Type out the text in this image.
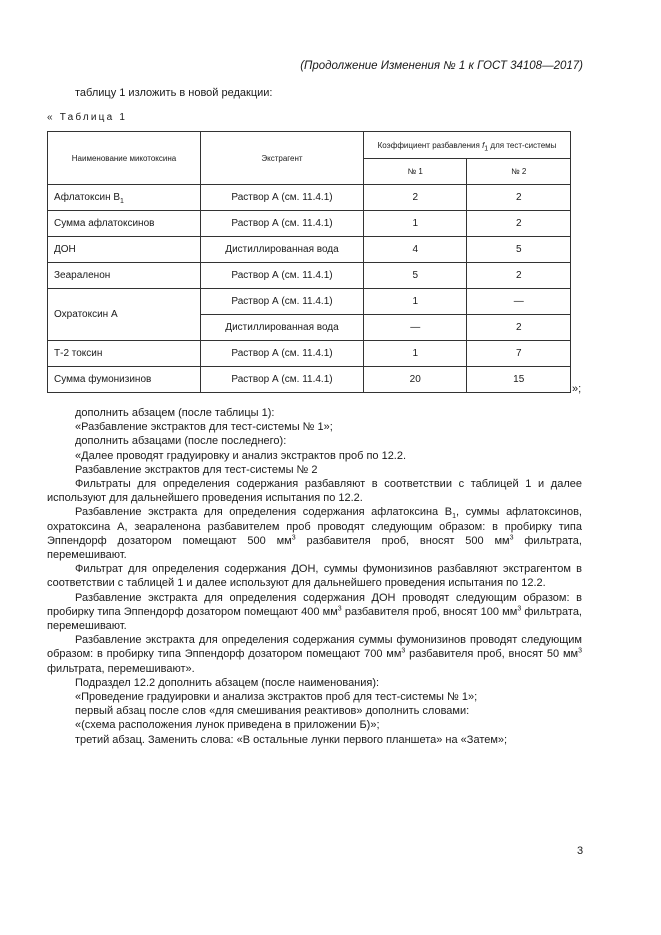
(Продолжение Изменения № 1 к ГОСТ 34108—2017)
таблицу 1 изложить в новой редакции:
« Таблица 1
Наименование микотоксина	Экстрагент	Коэффициент разбавления $f_1$ для тест-системы	
		№ 1	№ 2
Афлатоксин $B_1$	Раствор А (см. 11.4.1)	2	2
Сумма афлатоксинов	Раствор А (см. 11.4.1)	1	2
ДОН	Дистиллированная вода	4	5
Зеараленон	Раствор А (см. 11.4.1)	5	2
Охратоксин А	Раствор А (см. 11.4.1)	1	—
	Дистиллированная вода	—	2
Т-2 токсин	Раствор А (см. 11.4.1)	1	7
Сумма фумонизинов	Раствор А (см. 11.4.1)	20	15
»;

дополнить абзацем (после таблицы 1):

«Разбавление экстрактов для тест-системы № 1»;

дополнить абзацами (после последнего):

«Далее проводят градуировку и анализ экстрактов проб по 12.2.

Разбавление экстрактов для тест-системы № 2

Фильтраты для определения содержания разбавляют в соответствии с таблицей 1 и далее используют для дальнейшего проведения испытания по 12.2.

Разбавление экстракта для определения содержания афлатоксина $B_1$, суммы афлатоксинов, охратоксина А, зеараленона разбавителем проб проводят следующим образом: в пробирку типа Эппендорф дозатором помещают 500 $мм^3$ разбавителя проб, вносят 500 $мм^3$ фильтрата, перемешивают.

Фильтрат для определения содержания ДОН, суммы фумонизинов разбавляют экстрагентом в соответствии с таблицей 1 и далее используют для дальнейшего проведения испытания по 12.2.

Разбавление экстракта для определения содержания ДОН проводят следующим образом: в пробирку типа Эппендорф дозатором помещают 400 $мм^3$ разбавителя проб, вносят 100 $мм^3$ фильтрата, перемешивают.

Разбавление экстракта для определения содержания суммы фумонизинов проводят следующим образом: в пробирку типа Эппендорф дозатором помещают 700 $мм^3$ разбавителя проб, вносят 50 $мм^3$ фильтрата, перемешивают».

Подраздел 12.2 дополнить абзацем (после наименования):

«Проведение градуировки и анализа экстрактов проб для тест-системы № 1»;

первый абзац после слов «для смешивания реактивов» дополнить словами:

«(схема расположения лунок приведена в приложении Б)»;

третий абзац. Заменить слова: «В остальные лунки первого планшета» на «Затем»;

3
